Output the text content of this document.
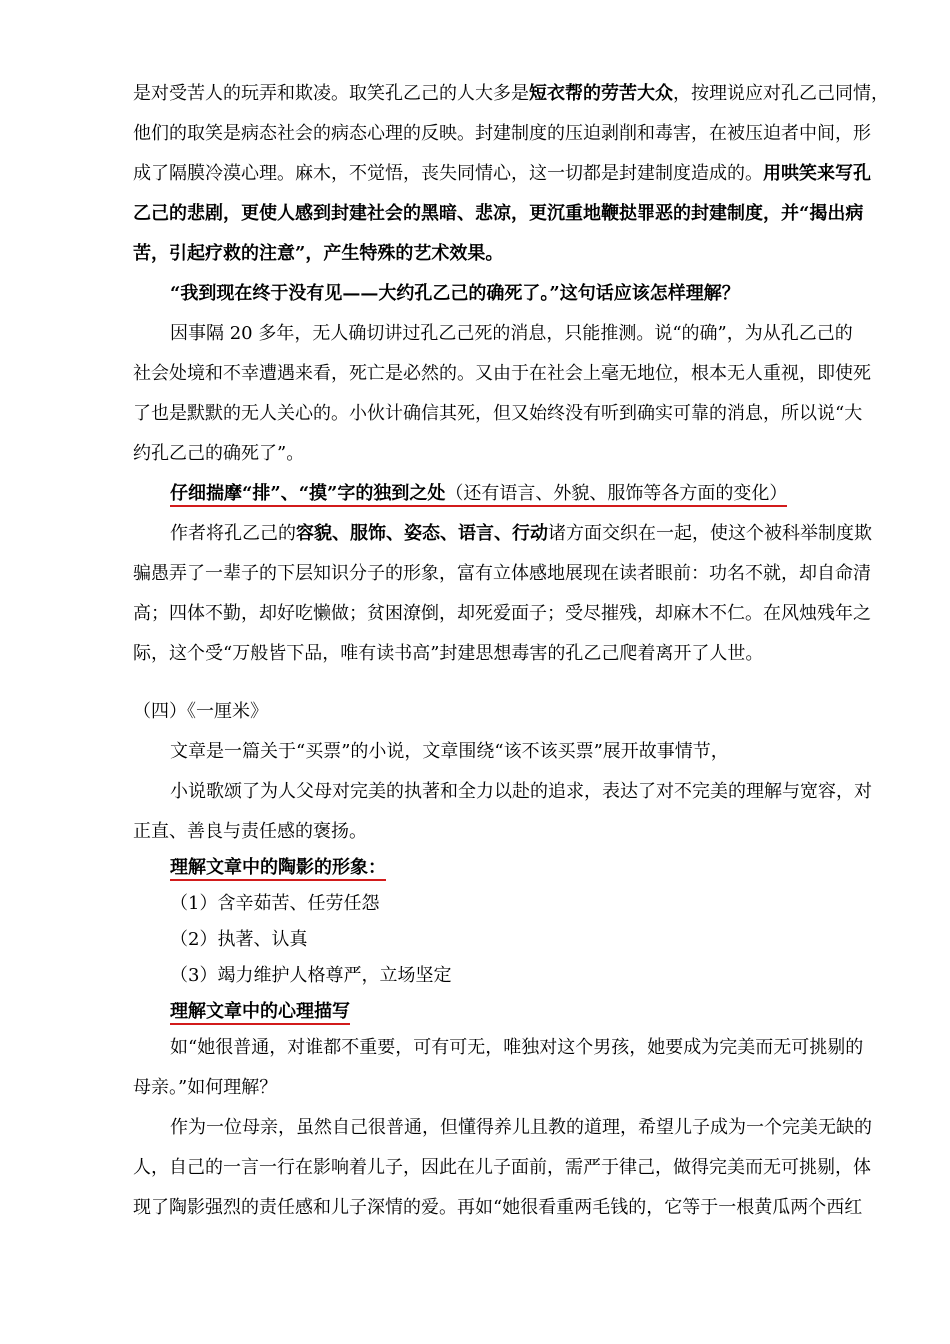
是对受苦人的玩弄和欺凌。取笑孔乙己的人大多是短衣帮的劳苦大众，按理说应对孔乙己同情，
他们的取笑是病态社会的病态心理的反映。封建制度的压迫剥削和毒害，在被压迫者中间，形
成了隔膜冷漠心理。麻木，不觉悟，丧失同情心，这一切都是封建制度造成的。用哄笑来写孔
乙己的悲剧，更使人感到封建社会的黑暗、悲凉，更沉重地鞭挞罪恶的封建制度，并“揭出病
苦，引起疗救的注意”，产生特殊的艺术效果。
“我到现在终于没有见——大约孔乙己的确死了。”这句话应该怎样理解？
因事隔 20 多年，无人确切讲过孔乙己死的消息，只能推测。说“的确”，为从孔乙己的
社会处境和不幸遭遇来看，死亡是必然的。又由于在社会上毫无地位，根本无人重视，即使死
了也是默默的无人关心的。小伙计确信其死，但又始终没有听到确实可靠的消息，所以说“大
约孔乙己的确死了”。
仔细揣摩“排”、“摸”字的独到之处（还有语言、外貌、服饰等各方面的变化）
作者将孔乙己的容貌、服饰、姿态、语言、行动诸方面交织在一起，使这个被科举制度欺
骗愚弄了一辈子的下层知识分子的形象，富有立体感地展现在读者眼前：功名不就，却自命清
高；四体不勤，却好吃懒做；贫困潦倒，却死爱面子；受尽摧残，却麻木不仁。在风烛残年之
际，这个受“万般皆下品，唯有读书高”封建思想毒害的孔乙己爬着离开了人世。
（四）《一厘米》
文章是一篇关于“买票”的小说，文章围绕“该不该买票”展开故事情节，
小说歌颂了为人父母对完美的执著和全力以赴的追求，表达了对不完美的理解与宽容，对
正直、善良与责任感的褒扬。
理解文章中的陶影的形象：
（1）含辛茹苦、任劳任怨
（2）执著、认真
（3）竭力维护人格尊严，立场坚定
理解文章中的心理描写
如“她很普通，对谁都不重要，可有可无，唯独对这个男孩，她要成为完美而无可挑剔的
母亲。”如何理解？
作为一位母亲，虽然自己很普通，但懂得养儿且教的道理，希望儿子成为一个完美无缺的
人，自己的一言一行在影响着儿子，因此在儿子面前，需严于律己，做得完美而无可挑剔，体
现了陶影强烈的责任感和儿子深情的爱。再如“她很看重两毛钱的，它等于一根黄瓜两个西红
